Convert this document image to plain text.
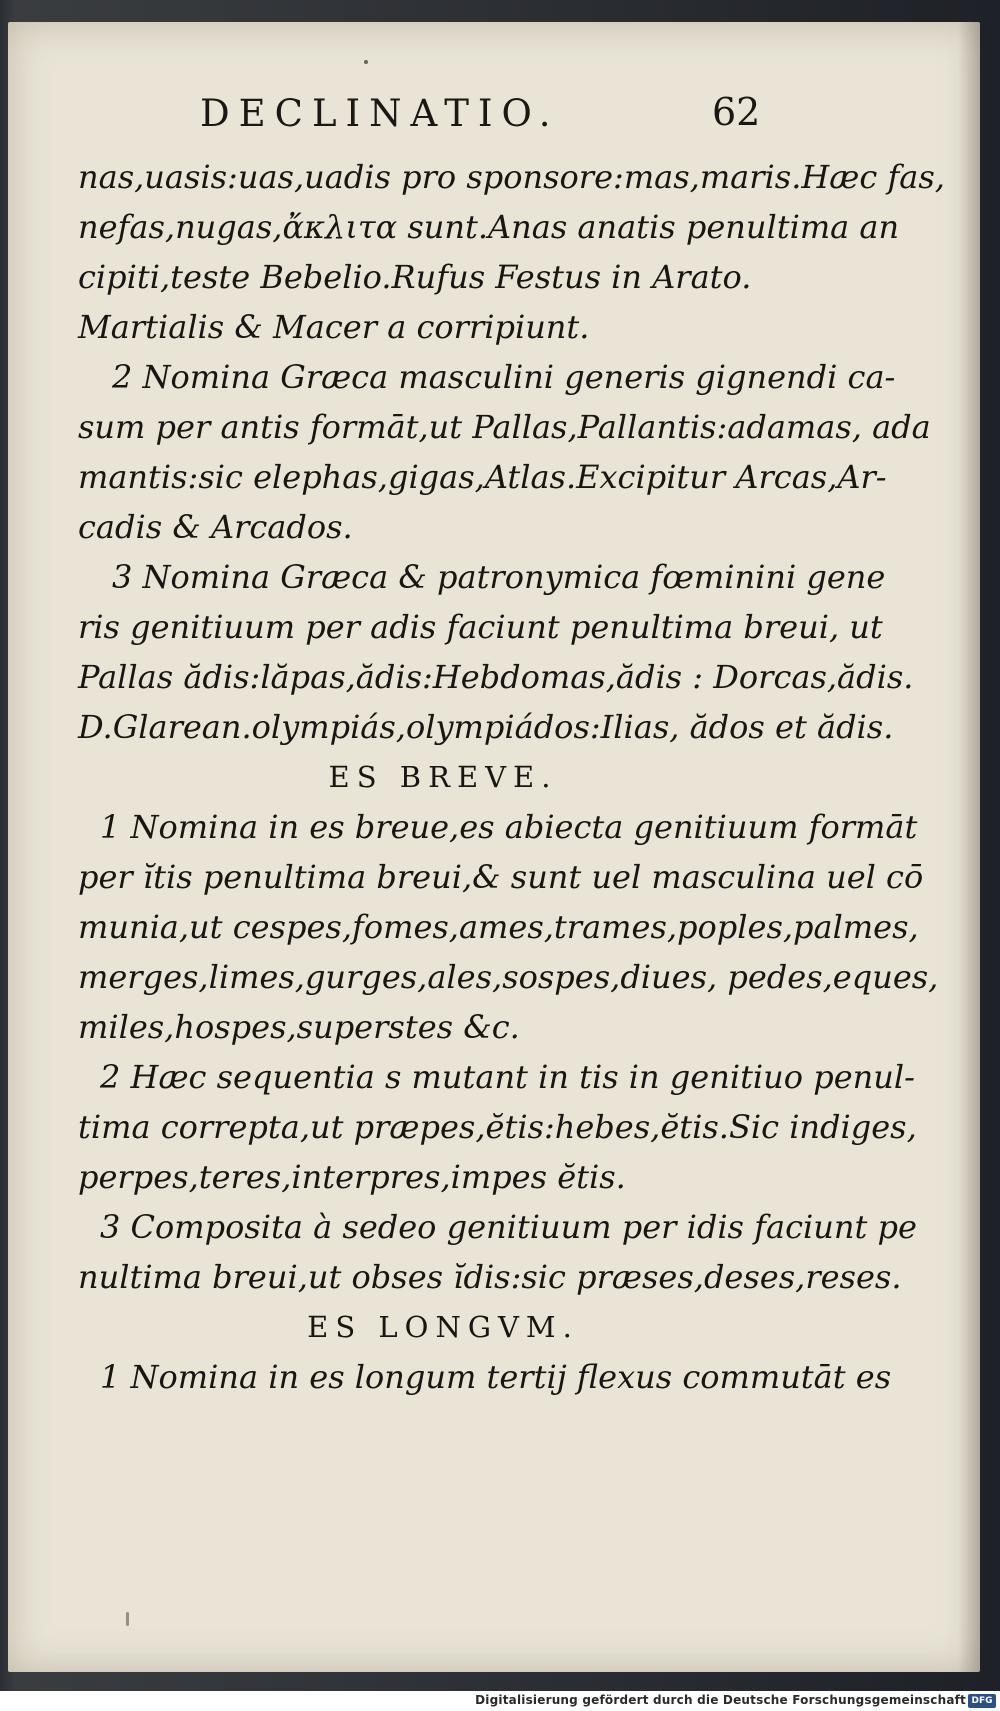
DECLINATIO.	62
nas,uasis:uas,uadis pro sponsore:mas,maris.Hæc fas,
nefas,nugas,ἄκλιτα sunt.Anas anatis penultima an
cipiti,teste Bebelio.Rufus Festus in Arato.
Martialis & Macer a corripiunt.
2 Nomina Græca masculini generis gignendi ca-
sum per antis formāt,ut Pallas,Pallantis:adamas, ada
mantis:sic elephas,gigas,Atlas.Excipitur Arcas,Ar-
cadis & Arcados.
3 Nomina Græca & patronymica fœminini gene
ris genitiuum per adis faciunt penultima breui, ut
Pallas ădis:lăpas,ădis:Hebdomas,ădis : Dorcas,ădis.
D.Glarean.olympiás,olympiádos:Ilias, ădos et ădis.
ES BREVE.
1 Nomina in es breue,es abiecta genitiuum formāt
per ĭtis penultima breui,& sunt uel masculina uel cō
munia,ut cespes,fomes,ames,trames,poples,palmes,
merges,limes,gurges,ales,sospes,diues, pedes,eques,
miles,hospes,superstes &c.
2 Hæc sequentia s mutant in tis in genitiuo penul-
tima correpta,ut præpes,ĕtis:hebes,ĕtis.Sic indiges,
perpes,teres,interpres,impes ĕtis.
3 Composita à sedeo genitiuum per idis faciunt pe
nultima breui,ut obses ĭdis:sic præses,deses,reses.
ES LONGVM.
1 Nomina in es longum tertij flexus commutāt es
Digitalisierung gefördert durch die Deutsche Forschungsgemeinschaft DFG
